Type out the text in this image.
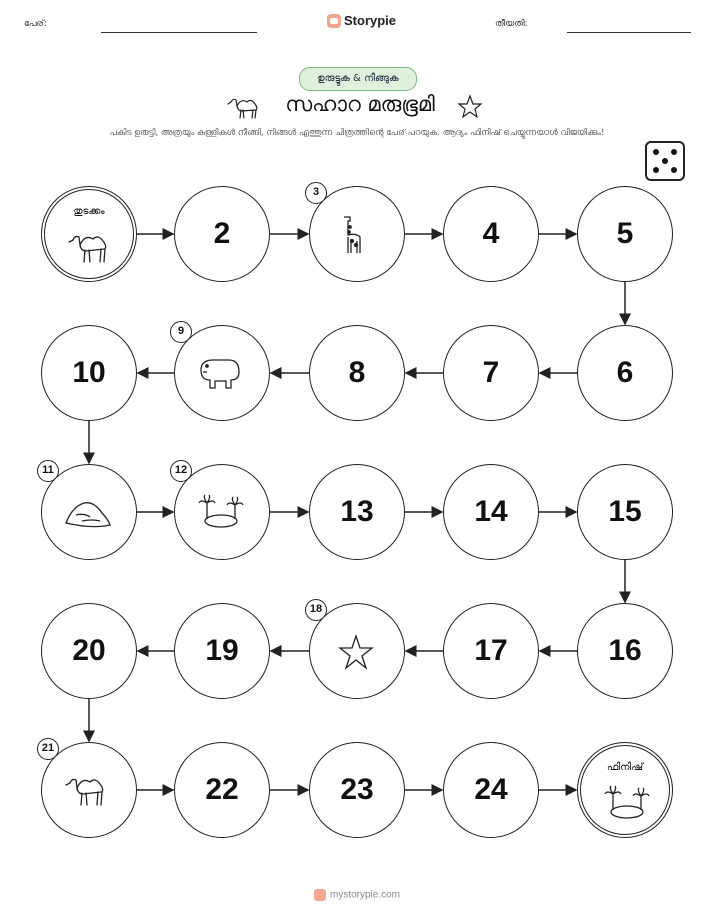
പേര്:	Storypie	തീയതി:
ഉരുട്ടുക & നീങ്ങുക
സഹാറ മരുഭൂമി
പകിട ഉരുട്ടി, അത്രയും കള്ളികൾ നീങ്ങി, നിങ്ങൾ എത്തുന്ന ചിത്രത്തിന്റെ പേര് പറയുക. ആദ്യം ഫിനിഷ് ചെയ്യുന്നയാൾ വിജയിക്കും!
തുടക്കം
2
3
4	5
6
7
8
9
10
11	12
13	14	15
16
17
18
19
20
21
22	23	24
ഫിനിഷ്
mystorypie.com
